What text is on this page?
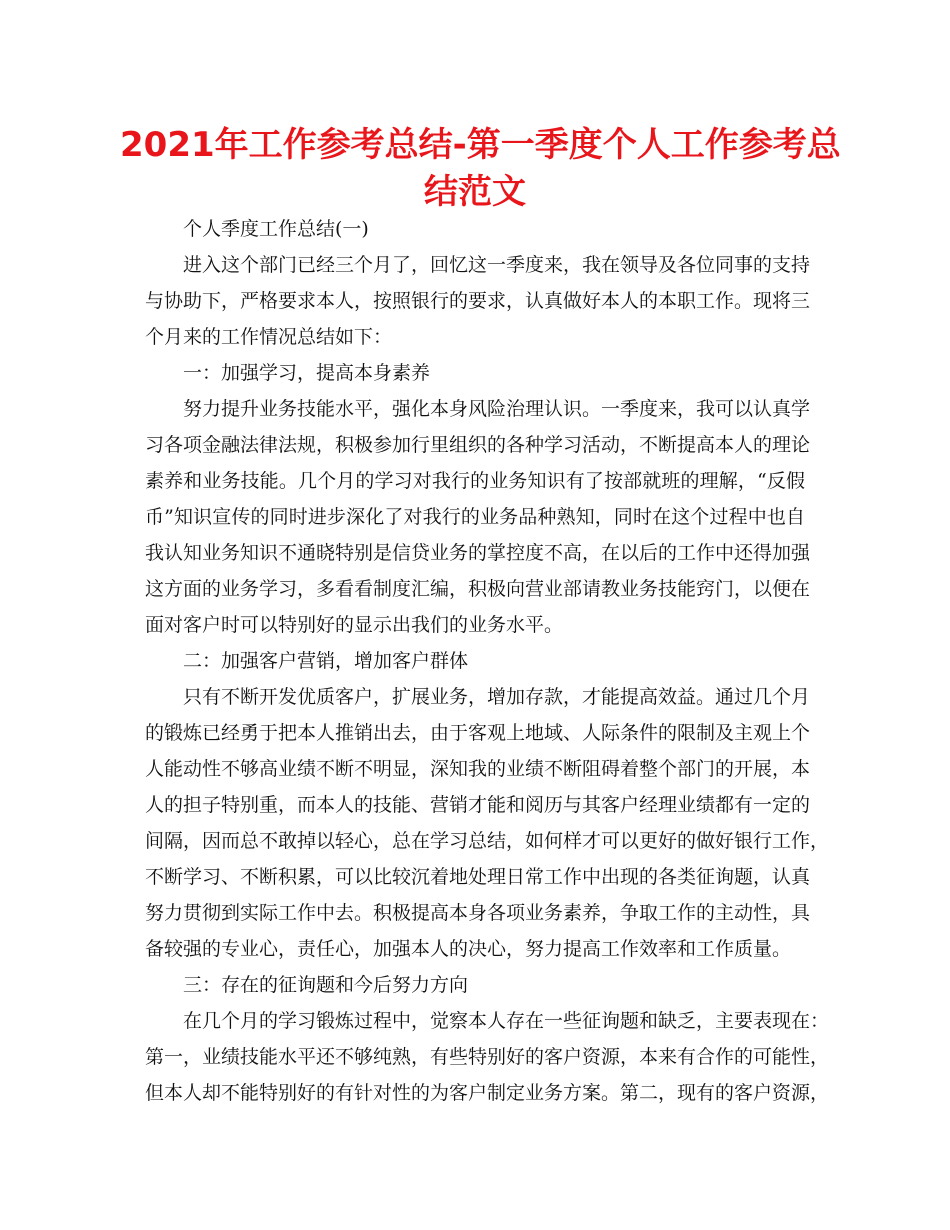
2021年工作参考总结-第一季度个人工作参考总
结范文
个人季度工作总结(一)
进入这个部门已经三个月了，回忆这一季度来，我在领导及各位同事的支持
与协助下，严格要求本人，按照银行的要求，认真做好本人的本职工作。现将三
个月来的工作情况总结如下：
一：加强学习，提高本身素养
努力提升业务技能水平，强化本身风险治理认识。一季度来，我可以认真学
习各项金融法律法规，积极参加行里组织的各种学习活动，不断提高本人的理论
素养和业务技能。几个月的学习对我行的业务知识有了按部就班的理解，“反假
币”知识宣传的同时进步深化了对我行的业务品种熟知，同时在这个过程中也自
我认知业务知识不通晓特别是信贷业务的掌控度不高，在以后的工作中还得加强
这方面的业务学习，多看看制度汇编，积极向营业部请教业务技能窍门，以便在
面对客户时可以特别好的显示出我们的业务水平。
二：加强客户营销，增加客户群体
只有不断开发优质客户，扩展业务，增加存款，才能提高效益。通过几个月
的锻炼已经勇于把本人推销出去，由于客观上地域、人际条件的限制及主观上个
人能动性不够高业绩不断不明显，深知我的业绩不断阻碍着整个部门的开展，本
人的担子特别重，而本人的技能、营销才能和阅历与其客户经理业绩都有一定的
间隔，因而总不敢掉以轻心，总在学习总结，如何样才可以更好的做好银行工作，
不断学习、不断积累，可以比较沉着地处理日常工作中出现的各类征询题，认真
努力贯彻到实际工作中去。积极提高本身各项业务素养，争取工作的主动性，具
备较强的专业心，责任心，加强本人的决心，努力提高工作效率和工作质量。
三：存在的征询题和今后努力方向
在几个月的学习锻炼过程中，觉察本人存在一些征询题和缺乏，主要表现在：
第一，业绩技能水平还不够纯熟，有些特别好的客户资源，本来有合作的可能性，
但本人却不能特别好的有针对性的为客户制定业务方案。第二，现有的客户资源，
